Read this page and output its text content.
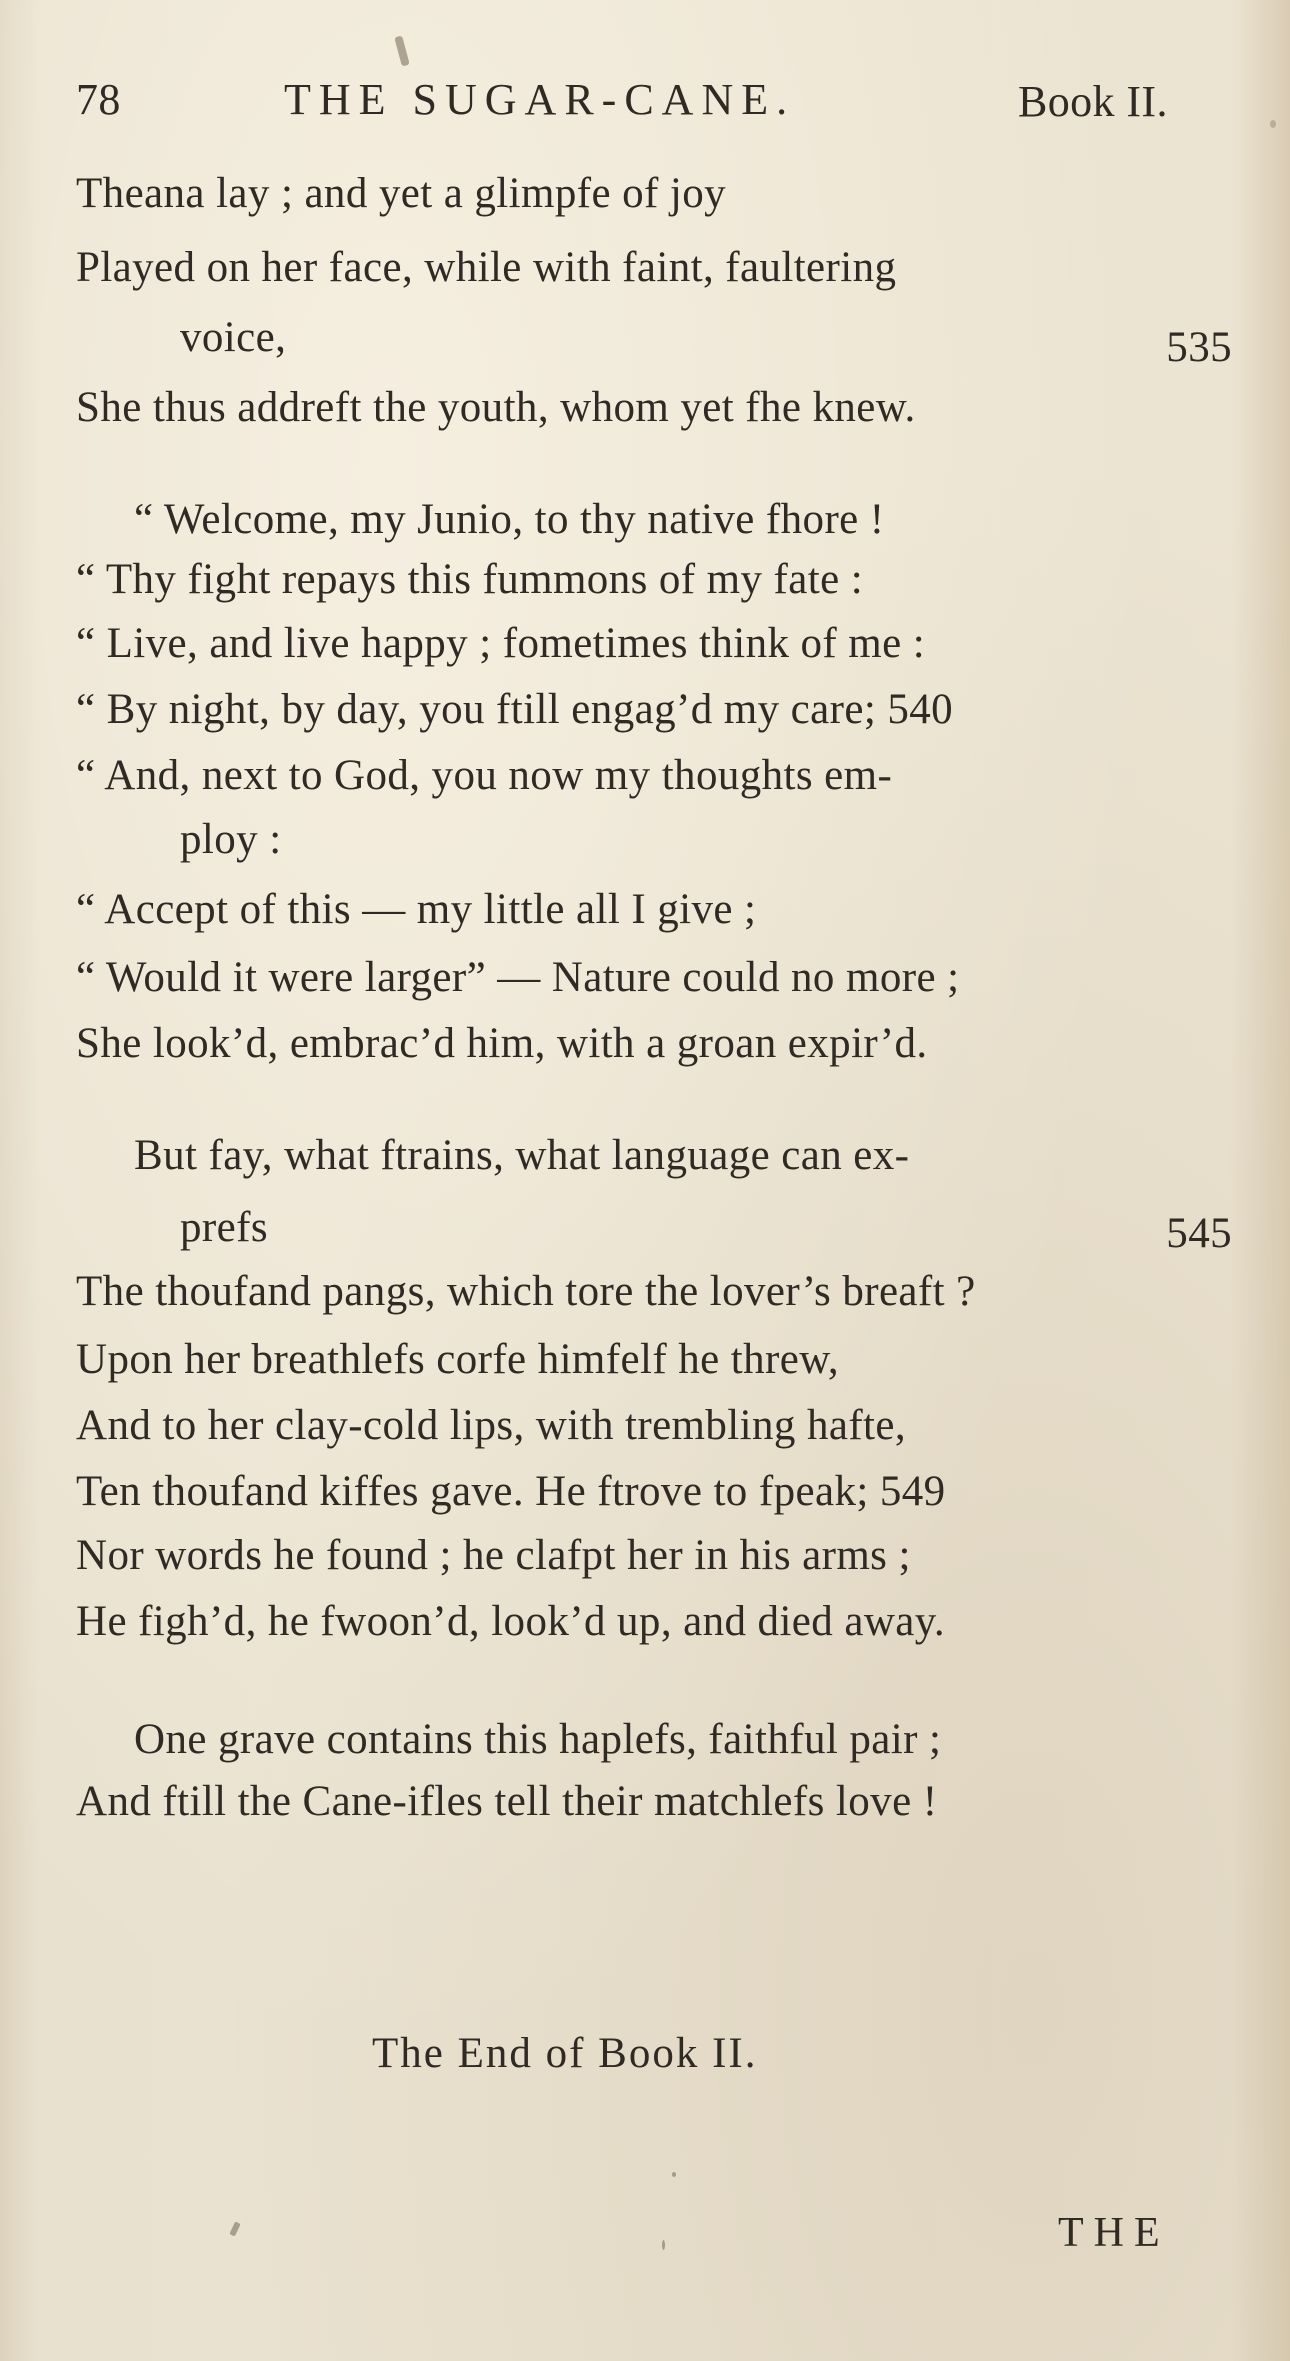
78	THE SUGAR-CANE.	Book II.
Theana lay ; and yet a glimpfe of joy
Played on her face, while with faint, faultering
voice,	535
She thus addreft the youth, whom yet fhe knew.
“ Welcome, my Junio, to thy native fhore !
“ Thy fight repays this fummons of my fate :
“ Live, and live happy ; fometimes think of me :
“ By night, by day, you ftill engag’d my care; 540
“ And, next to God, you now my thoughts em-
ploy :
“ Accept of this — my little all I give ;
“ Would it were larger” — Nature could no more ;
She look’d, embrac’d him, with a groan expir’d.
But fay, what ftrains, what language can ex-
prefs	545
The thoufand pangs, which tore the lover’s breaft ?
Upon her breathlefs corfe himfelf he threw,
And to her clay-cold lips, with trembling hafte,
Ten thoufand kiffes gave. He ftrove to fpeak; 549
Nor words he found ; he clafpt her in his arms ;
He figh’d, he fwoon’d, look’d up, and died away.
One grave contains this haplefs, faithful pair ;
And ftill the Cane-ifles tell their matchlefs love !
The End of Book II.
THE
